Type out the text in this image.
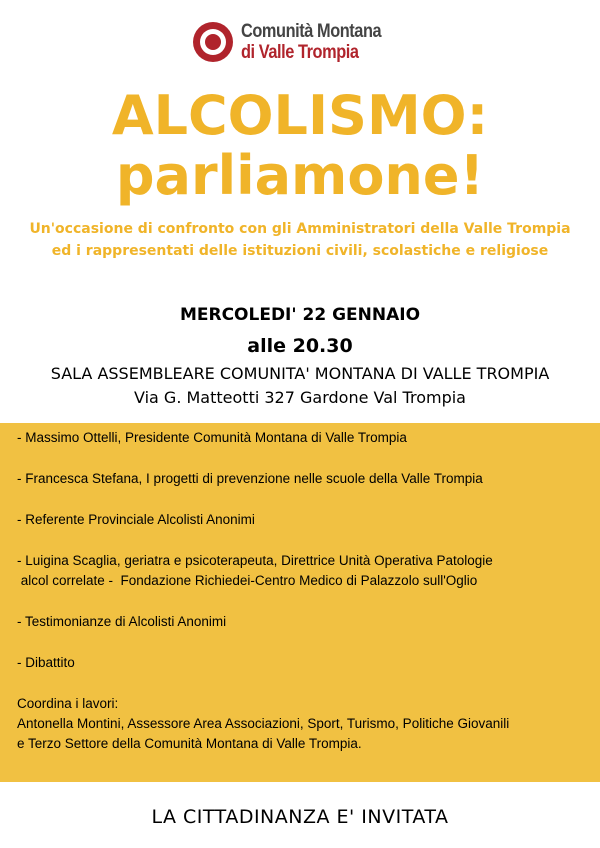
Comunità Montana
di Valle Trompia
ALCOLISMO:
parliamone!
Un'occasione di confronto con gli Amministratori della Valle Trompia
ed i rappresentati delle istituzioni civili, scolastiche e religiose
MERCOLEDI' 22 GENNAIO
alle 20.30
SALA ASSEMBLEARE COMUNITA' MONTANA DI VALLE TROMPIA
Via G. Matteotti 327 Gardone Val Trompia

- Massimo Ottelli, Presidente Comunità Montana di Valle Trompia

- Francesca Stefana, I progetti di prevenzione nelle scuole della Valle Trompia

- Referente Provinciale Alcolisti Anonimi

- Luigina Scaglia, geriatra e psicoterapeuta, Direttrice Unità Operativa Patologie

alcol correlate -  Fondazione Richiedei-Centro Medico di Palazzolo sull'Oglio

- Testimonianze di Alcolisti Anonimi

- Dibattito

Coordina i lavori:

Antonella Montini, Assessore Area Associazioni, Sport, Turismo, Politiche Giovanili

e Terzo Settore della Comunità Montana di Valle Trompia.

LA CITTADINANZA E' INVITATA
